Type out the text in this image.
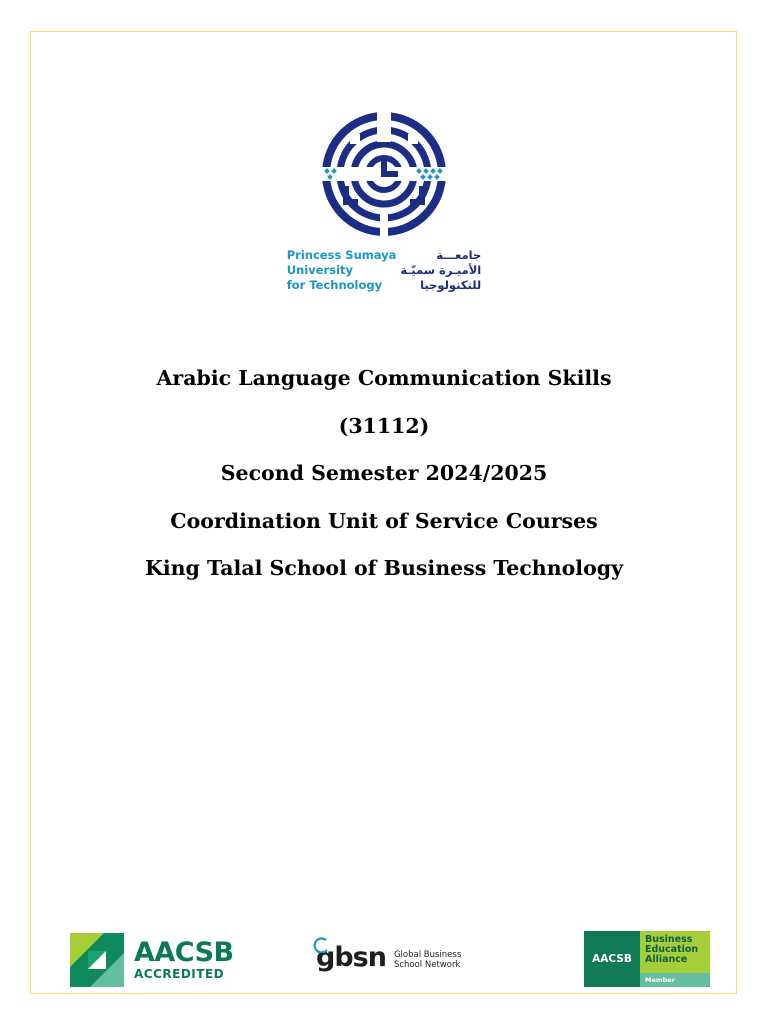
Princess Sumaya
University
for Technology
جامعـــة
الأميـرة سميّـة
للتكنولوجيا
Arabic Language Communication Skills
(31112)
Second Semester 2024/2025
Coordination Unit of Service Courses
King Talal School of Business Technology
AACSB
ACCREDITED
gbsn Global Business
School Network	AACSB
Business
Education
Alliance
Member
